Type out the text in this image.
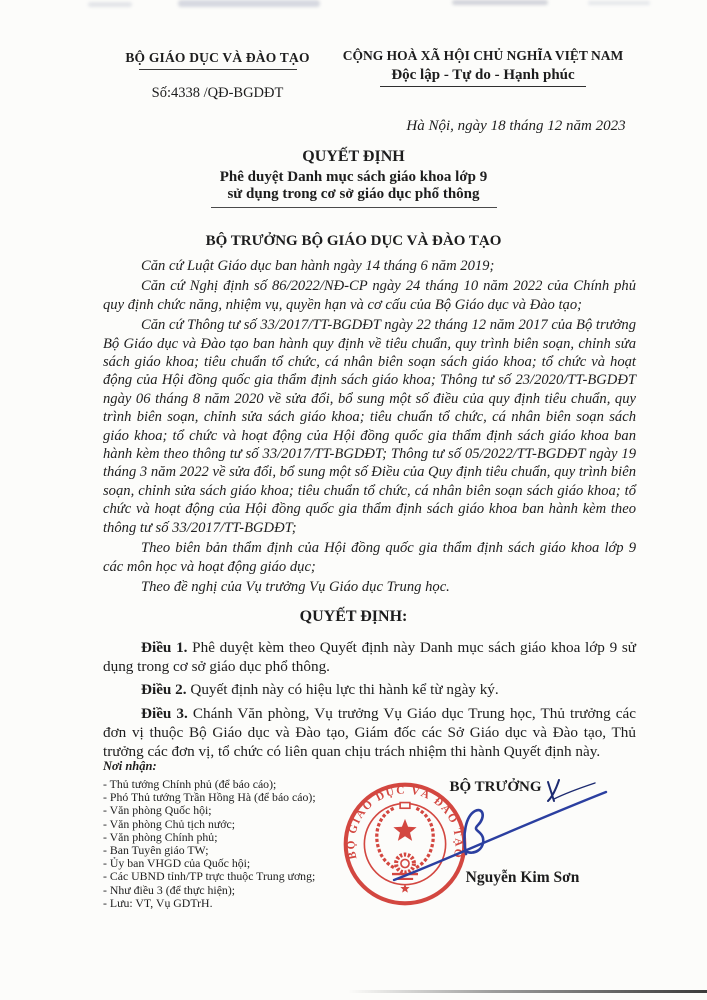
BỘ GIÁO DỤC VÀ ĐÀO TẠO
Số:4338 /QĐ-BGDĐT
CỘNG HOÀ XÃ HỘI CHỦ NGHĨA VIỆT NAM
Độc lập - Tự do - Hạnh phúc
Hà Nội, ngày 18 tháng 12 năm 2023
QUYẾT ĐỊNH
Phê duyệt Danh mục sách giáo khoa lớp 9
sử dụng trong cơ sở giáo dục phổ thông
BỘ TRƯỞNG BỘ GIÁO DỤC VÀ ĐÀO TẠO

Căn cứ Luật Giáo dục ban hành ngày 14 tháng 6 năm 2019;

Căn cứ Nghị định số 86/2022/NĐ-CP ngày 24 tháng 10 năm 2022 của Chính phủ quy định chức năng, nhiệm vụ, quyền hạn và cơ cấu của Bộ Giáo dục và Đào tạo;

Căn cứ Thông tư số 33/2017/TT-BGDĐT ngày 22 tháng 12 năm 2017 của Bộ trưởng Bộ Giáo dục và Đào tạo ban hành quy định về tiêu chuẩn, quy trình biên soạn, chỉnh sửa sách giáo khoa; tiêu chuẩn tổ chức, cá nhân biên soạn sách giáo khoa; tổ chức và hoạt động của Hội đồng quốc gia thẩm định sách giáo khoa; Thông tư số 23/2020/TT-BGDĐT ngày 06 tháng 8 năm 2020 về sửa đổi, bổ sung một số điều của quy định tiêu chuẩn, quy trình biên soạn, chỉnh sửa sách giáo khoa; tiêu chuẩn tổ chức, cá nhân biên soạn sách giáo khoa; tổ chức và hoạt động của Hội đồng quốc gia thẩm định sách giáo khoa ban hành kèm theo thông tư số 33/2017/TT-BGDĐT; Thông tư số 05/2022/TT-BGDĐT ngày 19 tháng 3 năm 2022 về sửa đổi, bổ sung một số Điều của Quy định tiêu chuẩn, quy trình biên soạn, chỉnh sửa sách giáo khoa; tiêu chuẩn tổ chức, cá nhân biên soạn sách giáo khoa; tổ chức và hoạt động của Hội đồng quốc gia thẩm định sách giáo khoa ban hành kèm theo thông tư số 33/2017/TT-BGDĐT;

Theo biên bản thẩm định của Hội đồng quốc gia thẩm định sách giáo khoa lớp 9 các môn học và hoạt động giáo dục;

Theo đề nghị của Vụ trưởng Vụ Giáo dục Trung học.

QUYẾT ĐỊNH:

Điều 1. Phê duyệt kèm theo Quyết định này Danh mục sách giáo khoa lớp 9 sử dụng trong cơ sở giáo dục phổ thông.

Điều 2. Quyết định này có hiệu lực thi hành kể từ ngày ký.

Điều 3. Chánh Văn phòng, Vụ trưởng Vụ Giáo dục Trung học, Thủ trưởng các đơn vị thuộc Bộ Giáo dục và Đào tạo, Giám đốc các Sở Giáo dục và Đào tạo, Thủ trưởng các đơn vị, tổ chức có liên quan chịu trách nhiệm thi hành Quyết định này.

Nơi nhận:
- Thủ tướng Chính phủ (để báo cáo);
- Phó Thủ tướng Trần Hồng Hà (để báo cáo);
- Văn phòng Quốc hội;
- Văn phòng Chủ tịch nước;
- Văn phòng Chính phủ;
- Ban Tuyên giáo TW;
- Ủy ban VHGD của Quốc hội;
- Các UBND tỉnh/TP trực thuộc Trung ương;
- Như điều 3 (để thực hiện);
- Lưu: VT, Vụ GDTrH.
BỘ TRƯỞNG
BỘ GIÁO DỤC VÀ ĐÀO TẠO
Nguyễn Kim Sơn
